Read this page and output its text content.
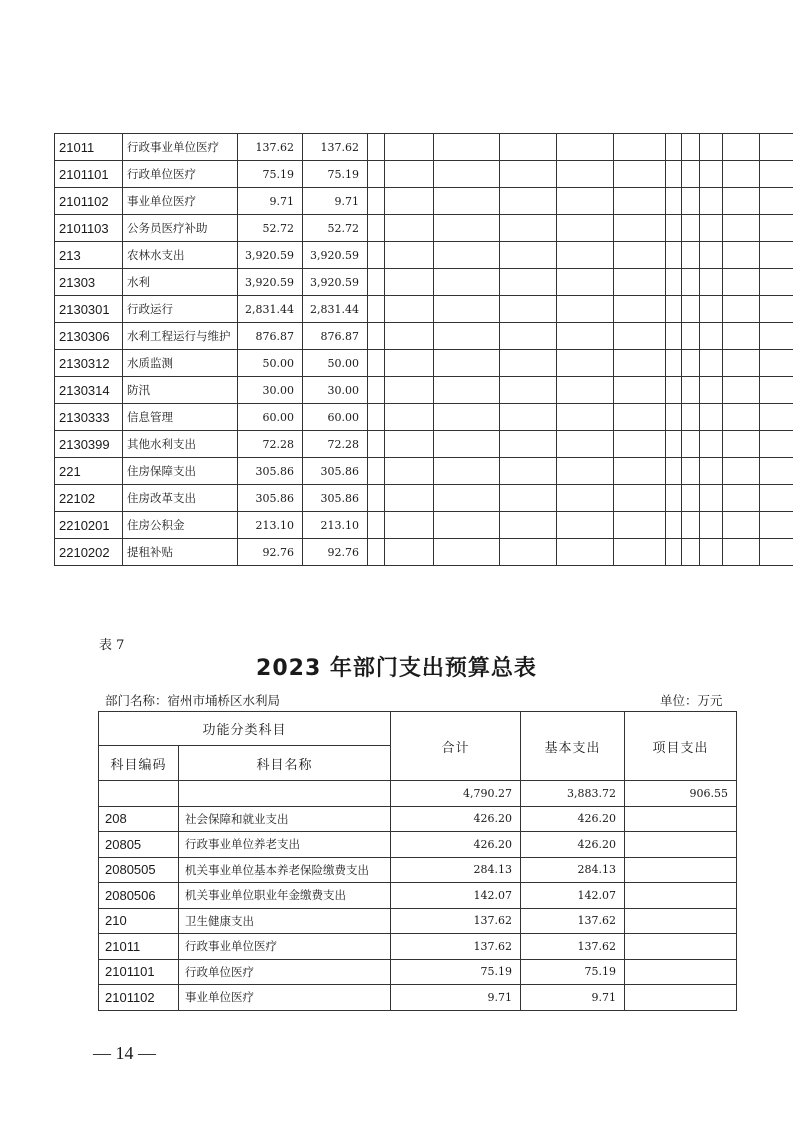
21011	行政事业单位医疗	137.62	137.62												
2101101	行政单位医疗	75.19	75.19												
2101102	事业单位医疗	9.71	9.71												
2101103	公务员医疗补助	52.72	52.72												
213	农林水支出	3,920.59	3,920.59												
21303	水利	3,920.59	3,920.59												
2130301	行政运行	2,831.44	2,831.44												
2130306	水利工程运行与维护	876.87	876.87												
2130312	水质监测	50.00	50.00												
2130314	防汛	30.00	30.00												
2130333	信息管理	60.00	60.00												
2130399	其他水利支出	72.28	72.28												
221	住房保障支出	305.86	305.86												
22102	住房改革支出	305.86	305.86												
2210201	住房公积金	213.10	213.10												
2210202	提租补贴	92.76	92.76												
表 7
2023 年部门支出预算总表
部门名称：宿州市埇桥区水利局	单位：万元
功能分类科目		合计	基本支出	项目支出
科目编码	科目名称			
		4,790.27	3,883.72	906.55
208	社会保障和就业支出	426.20	426.20	
20805	行政事业单位养老支出	426.20	426.20	
2080505	机关事业单位基本养老保险缴费支出	284.13	284.13	
2080506	机关事业单位职业年金缴费支出	142.07	142.07	
210	卫生健康支出	137.62	137.62	
21011	行政事业单位医疗	137.62	137.62	
2101101	行政单位医疗	75.19	75.19	
2101102	事业单位医疗	9.71	9.71	
— 14 —
